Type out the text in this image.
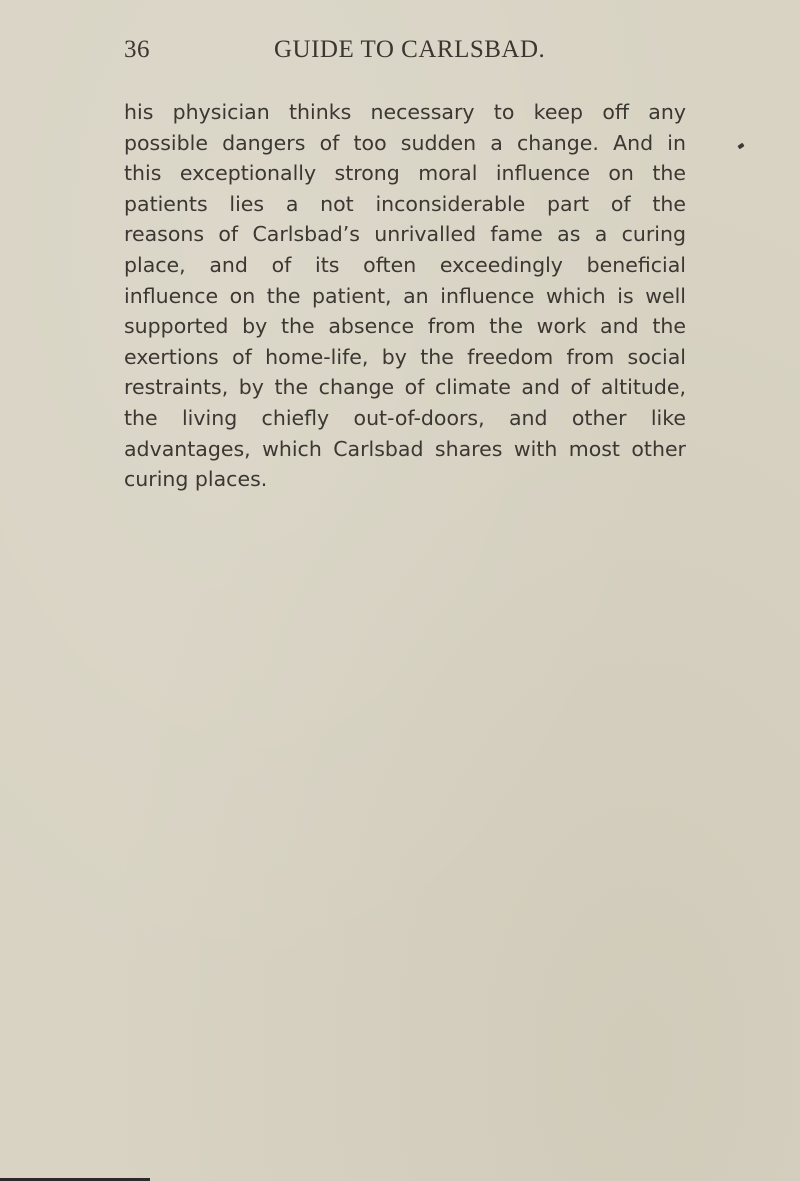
36	GUIDE TO CARLSBAD.

his physician thinks necessary to keep off any
possible dangers of too sudden a change. And in
this exceptionally strong moral influence on the
patients lies a not inconsiderable part of the
reasons of Carlsbad’s unrivalled fame as a curing
place, and of its often exceedingly beneficial
influence on the patient, an influence which is well
supported by the absence from the work and the
exertions of home-life, by the freedom from social
restraints, by the change of climate and of altitude,
the living chiefly out-of-doors, and other like
advantages, which Carlsbad shares with most other
curing places.
